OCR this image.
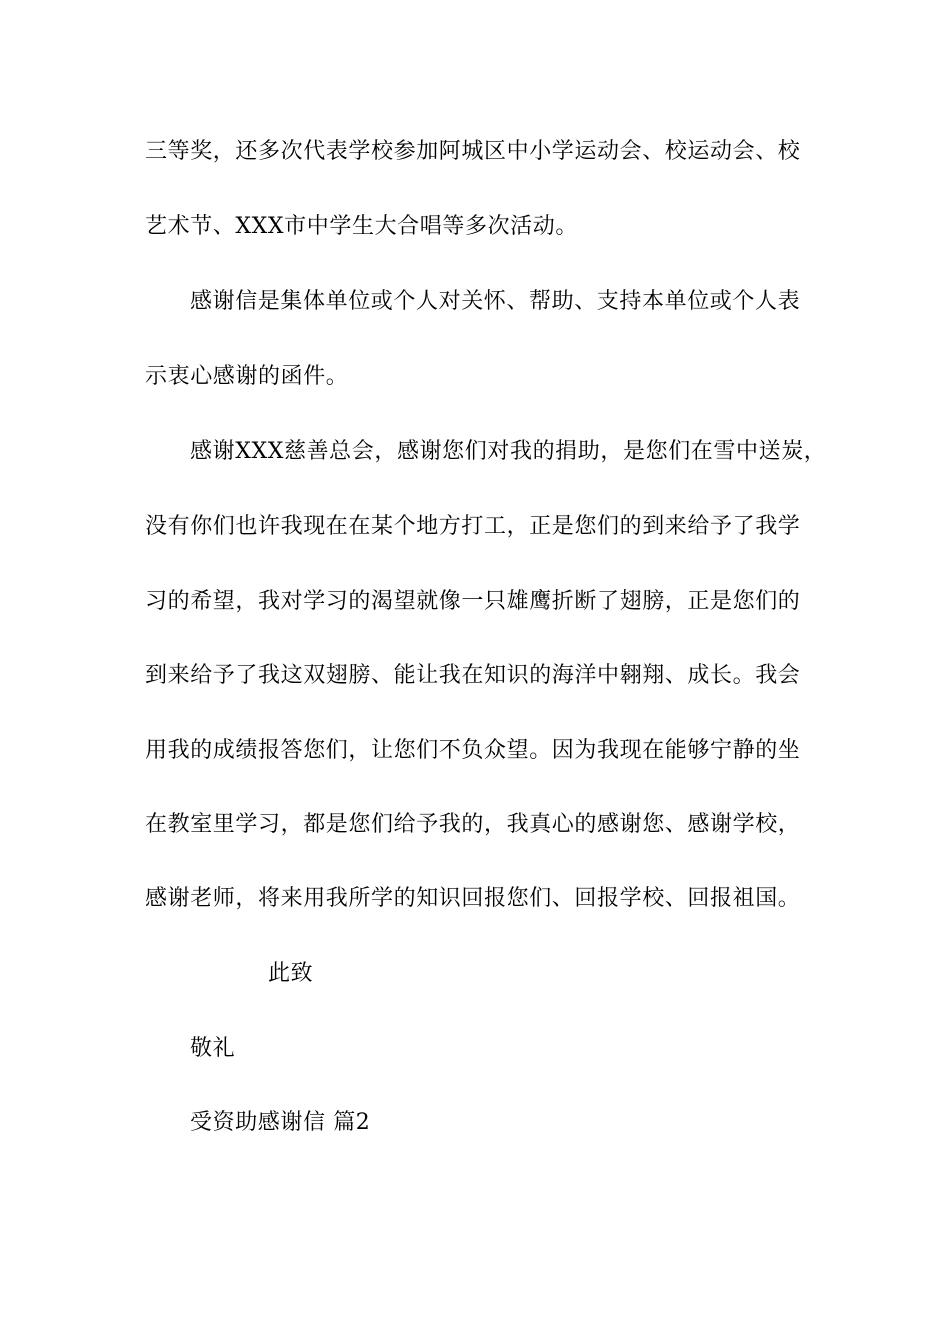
三等奖，还多次代表学校参加阿城区中小学运动会、校运动会、校
艺术节、XXX市中学生大合唱等多次活动。
感谢信是集体单位或个人对关怀、帮助、支持本单位或个人表
示衷心感谢的函件。
感谢XXX慈善总会，感谢您们对我的捐助，是您们在雪中送炭，
没有你们也许我现在在某个地方打工，正是您们的到来给予了我学
习的希望，我对学习的渴望就像一只雄鹰折断了翅膀，正是您们的
到来给予了我这双翅膀、能让我在知识的海洋中翱翔、成长。我会
用我的成绩报答您们，让您们不负众望。因为我现在能够宁静的坐
在教室里学习，都是您们给予我的，我真心的感谢您、感谢学校，
感谢老师，将来用我所学的知识回报您们、回报学校、回报祖国。
此致
敬礼
受资助感谢信 篇2
